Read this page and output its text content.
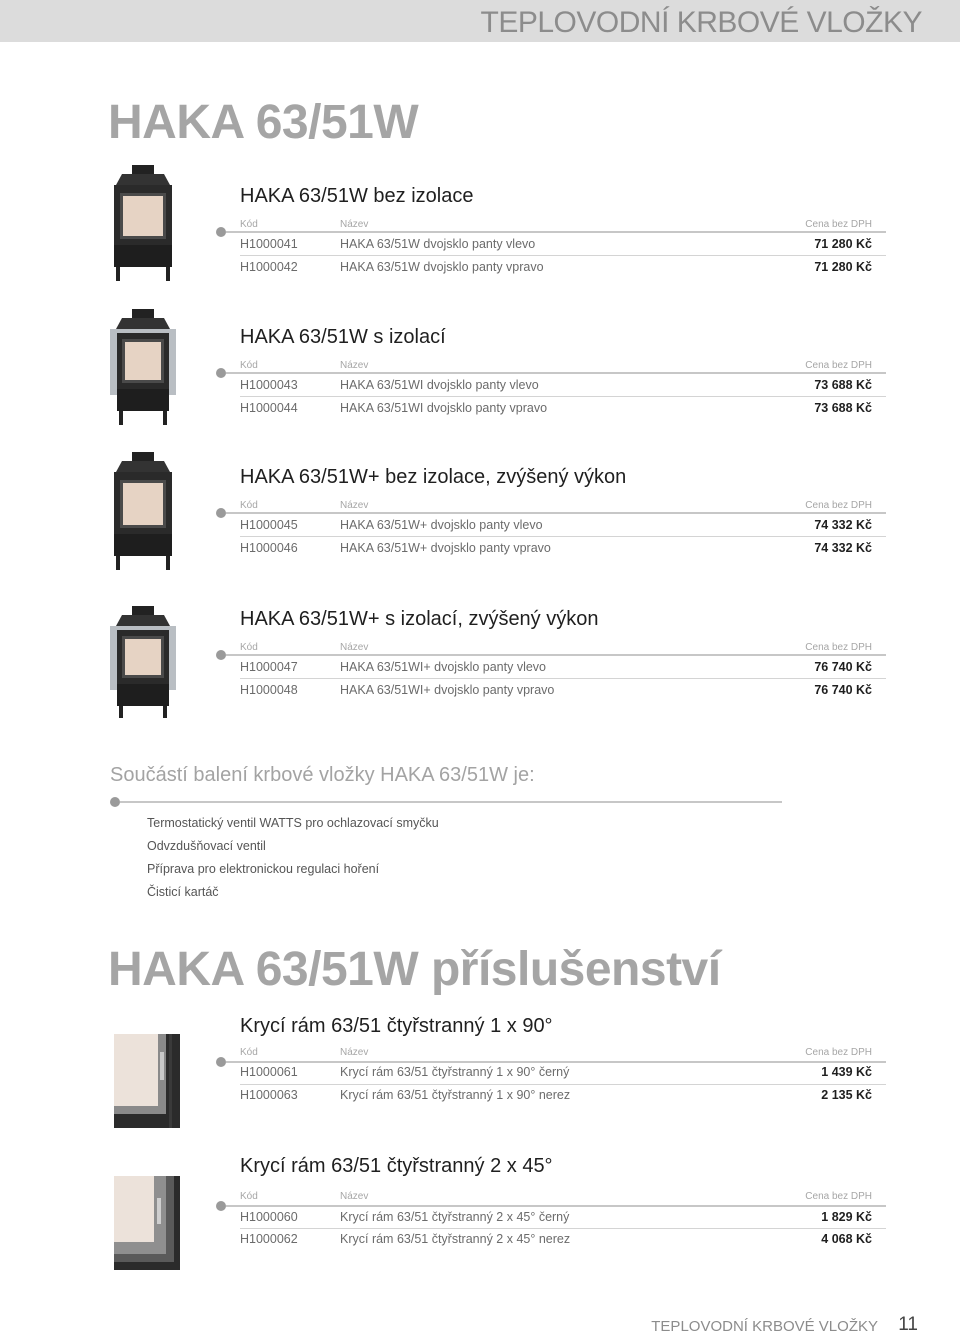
TEPLOVODNÍ KRBOVÉ VLOŽKY
HAKA 63/51W
HAKA 63/51W bez izolace
Kód	Název	Cena bez DPH
H1000041	HAKA 63/51W dvojsklo panty vlevo	71 280 Kč
H1000042	HAKA 63/51W dvojsklo panty vpravo	71 280 Kč
HAKA 63/51W s izolací
Kód	Název	Cena bez DPH
H1000043	HAKA 63/51WI dvojsklo panty vlevo	73 688 Kč
H1000044	HAKA 63/51WI dvojsklo panty vpravo	73 688 Kč
HAKA 63/51W+ bez izolace, zvýšený výkon
Kód	Název	Cena bez DPH
H1000045	HAKA 63/51W+ dvojsklo panty vlevo	74 332 Kč
H1000046	HAKA 63/51W+ dvojsklo panty vpravo	74 332 Kč
HAKA 63/51W+ s izolací, zvýšený výkon
Kód	Název	Cena bez DPH
H1000047	HAKA 63/51WI+ dvojsklo panty vlevo	76 740 Kč
H1000048	HAKA 63/51WI+ dvojsklo panty vpravo	76 740 Kč
Součástí balení krbové vložky HAKA 63/51W je:
Termostatický ventil WATTS pro ochlazovací smyčku
Odvzdušňovací ventil
Příprava pro elektronickou regulaci hoření
Čisticí kartáč
HAKA 63/51W příslušenství
Krycí rám 63/51 čtyřstranný 1 x 90°
Kód	Název	Cena bez DPH
H1000061	Krycí rám 63/51 čtyřstranný 1 x 90° černý	1 439 Kč
H1000063	Krycí rám 63/51 čtyřstranný 1 x 90° nerez	2 135 Kč
Krycí rám 63/51 čtyřstranný 2 x 45°
Kód	Název	Cena bez DPH
H1000060	Krycí rám 63/51 čtyřstranný 2 x 45° černý	1 829 Kč
H1000062	Krycí rám 63/51 čtyřstranný 2 x 45° nerez	4 068 Kč
TEPLOVODNÍ KRBOVÉ VLOŽKY 11
